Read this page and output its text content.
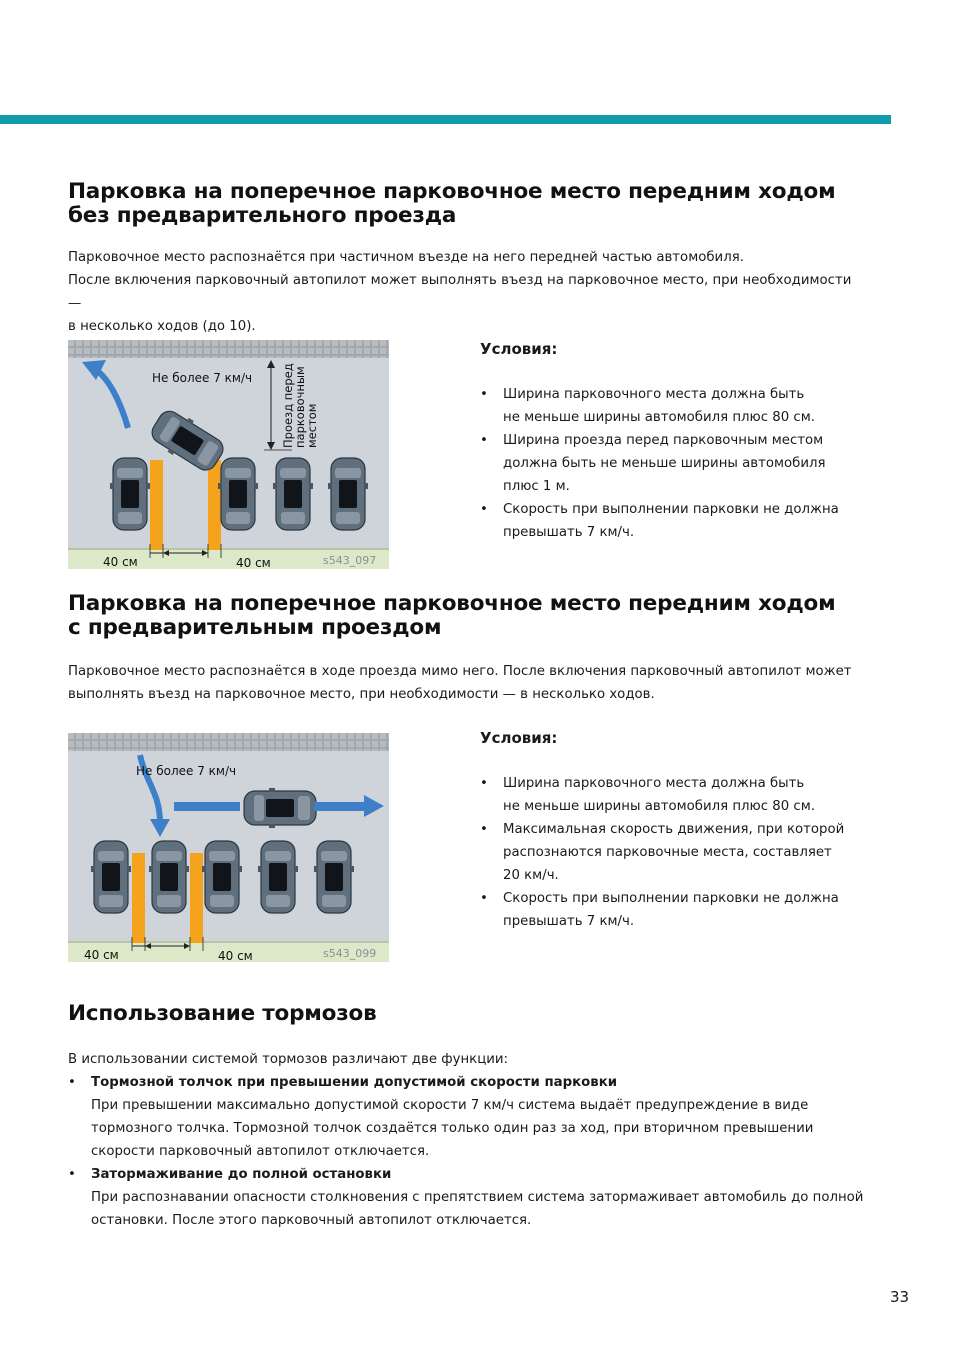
Парковка на поперечное парковочное место передним ходом
без предварительного проезда

Парковочное место распознаётся при частичном въезде на него передней частью автомобиля.

После включения парковочный автопилот может выполнять въезд на парковочное место, при необходимости —

в несколько ходов (до 10).

Проезд перед парковочным местом
Не более 7 км/ч
40 см	40 см	s543_097
Условия:
• Ширина парковочного места должна быть
не меньше ширины автомобиля плюс 80 см.
• Ширина проезда перед парковочным местом
должна быть не меньше ширины автомобиля
плюс 1 м.
• Скорость при выполнении парковки не должна
превышать 7 км/ч.
Парковка на поперечное парковочное место передним ходом
с предварительным проездом

Парковочное место распознаётся в ходе проезда мимо него. После включения парковочный автопилот может

выполнять въезд на парковочное место, при необходимости — в несколько ходов.

Не более 7 км/ч
40 см	40 см	s543_099
Условия:
• Ширина парковочного места должна быть
не меньше ширины автомобиля плюс 80 см.
• Максимальная скорость движения, при которой
распознаются парковочные места, составляет
20 км/ч.
• Скорость при выполнении парковки не должна
превышать 7 км/ч.
Использование тормозов

В использовании системой тормозов различают две функции:

• Тормозной толчок при превышении допустимой скорости парковки
При превышении максимально допустимой скорости 7 км/ч система выдаёт предупреждение в виде
тормозного толчка. Тормозной толчок создаётся только один раз за ход, при вторичном превышении
скорости парковочный автопилот отключается.
• Затормаживание до полной остановки
При распознавании опасности столкновения с препятствием система затормаживает автомобиль до полной
остановки. После этого парковочный автопилот отключается.
33
